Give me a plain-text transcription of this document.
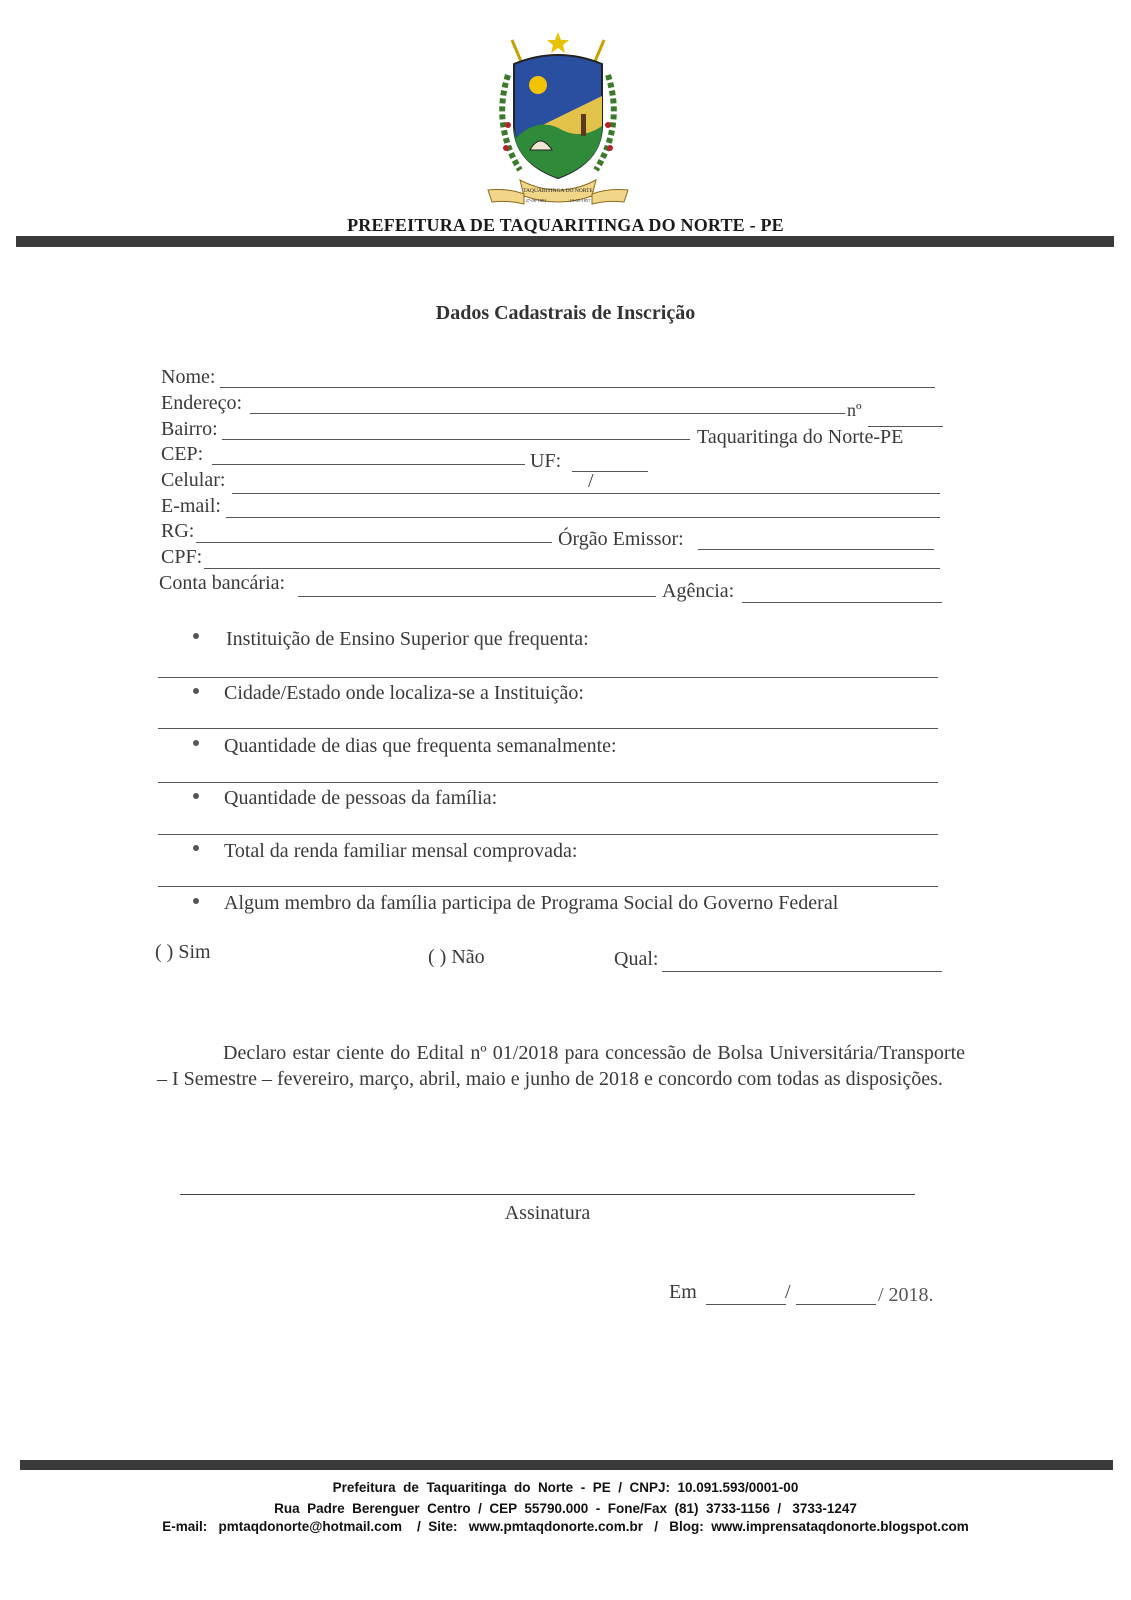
TAQUARITINGA DO NORTE
27-06-1851	10-05-1857
PREFEITURA DE TAQUARITINGA DO NORTE - PE
Dados Cadastrais de Inscrição
Nome:
Endereço:	nº
Bairro:	Taquaritinga do Norte-PE
CEP:	UF:
Celular:	/
E-mail:
RG:	Órgão Emissor:
CPF:
Conta bancária:	Agência:
Instituição de Ensino Superior que frequenta:
Cidade/Estado onde localiza-se a Instituição:
Quantidade de dias que frequenta semanalmente:
Quantidade de pessoas da família:
Total da renda familiar mensal comprovada:
Algum membro da família participa de Programa Social do Governo Federal
( ) Sim	( ) Não	Qual:

Declaro estar ciente do Edital nº 01/2018 para concessão de Bolsa Universitária/Transporte – I Semestre – fevereiro, março, abril, maio e junho de 2018 e concordo com todas as disposições.

Assinatura
Em	/	/ 2018.
Prefeitura  de  Taquaritinga  do  Norte  -  PE  /  CNPJ:  10.091.593/0001-00
Rua  Padre  Berenguer  Centro  /  CEP  55790.000  -  Fone/Fax  (81)  3733-1156  /   3733-1247
E-mail:   pmtaqdonorte@hotmail.com    /  Site:   www.pmtaqdonorte.com.br   /   Blog:  www.imprensataqdonorte.blogspot.com
